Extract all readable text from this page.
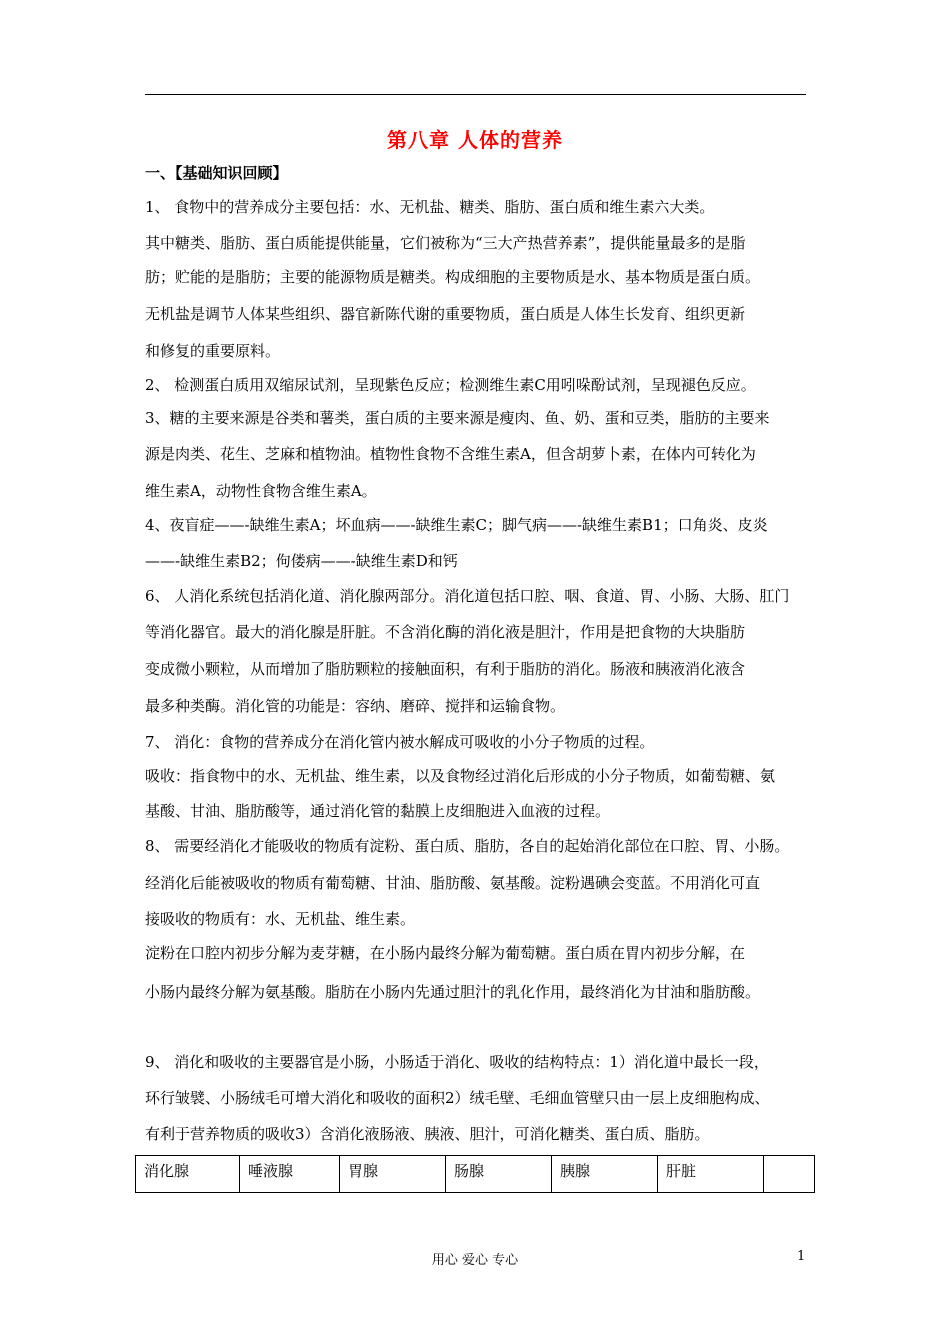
第八章 人体的营养
一、【基础知识回顾】
1、 食物中的营养成分主要包括：水、无机盐、糖类、脂肪、蛋白质和维生素六大类。
其中糖类、脂肪、蛋白质能提供能量，它们被称为“三大产热营养素”，提供能量最多的是脂
肪；贮能的是脂肪；主要的能源物质是糖类。构成细胞的主要物质是水、基本物质是蛋白质。
无机盐是调节人体某些组织、器官新陈代谢的重要物质，蛋白质是人体生长发育、组织更新
和修复的重要原料。
2、 检测蛋白质用双缩尿试剂，呈现紫色反应；检测维生素C用吲哚酚试剂，呈现褪色反应。
3、糖的主要来源是谷类和薯类，蛋白质的主要来源是瘦肉、鱼、奶、蛋和豆类，脂肪的主要来
源是肉类、花生、芝麻和植物油。植物性食物不含维生素A，但含胡萝卜素，在体内可转化为
维生素A，动物性食物含维生素A。
4、夜盲症——-缺维生素A；坏血病——-缺维生素C；脚气病——-缺维生素B1；口角炎、皮炎
——-缺维生素B2；佝偻病——-缺维生素D和钙
6、 人消化系统包括消化道、消化腺两部分。消化道包括口腔、咽、食道、胃、小肠、大肠、肛门
等消化器官。最大的消化腺是肝脏。不含消化酶的消化液是胆汁，作用是把食物的大块脂肪
变成微小颗粒，从而增加了脂肪颗粒的接触面积，有利于脂肪的消化。肠液和胰液消化液含
最多种类酶。消化管的功能是：容纳、磨碎、搅拌和运输食物。
7、 消化：食物的营养成分在消化管内被水解成可吸收的小分子物质的过程。
吸收：指食物中的水、无机盐、维生素，以及食物经过消化后形成的小分子物质，如葡萄糖、氨
基酸、甘油、脂肪酸等，通过消化管的黏膜上皮细胞进入血液的过程。
8、 需要经消化才能吸收的物质有淀粉、蛋白质、脂肪，各自的起始消化部位在口腔、胃、小肠。
经消化后能被吸收的物质有葡萄糖、甘油、脂肪酸、氨基酸。淀粉遇碘会变蓝。不用消化可直
接吸收的物质有：水、无机盐、维生素。
淀粉在口腔内初步分解为麦芽糖，在小肠内最终分解为葡萄糖。蛋白质在胃内初步分解，在
小肠内最终分解为氨基酸。脂肪在小肠内先通过胆汁的乳化作用，最终消化为甘油和脂肪酸。
9、 消化和吸收的主要器官是小肠，小肠适于消化、吸收的结构特点：1）消化道中最长一段，
环行皱襞、小肠绒毛可增大消化和吸收的面积2）绒毛壁、毛细血管壁只由一层上皮细胞构成、
有利于营养物质的吸收3）含消化液肠液、胰液、胆汁，可消化糖类、蛋白质、脂肪。
消化腺	唾液腺	胃腺	肠腺	胰腺	肝脏	
用心 爱心 专心	1
